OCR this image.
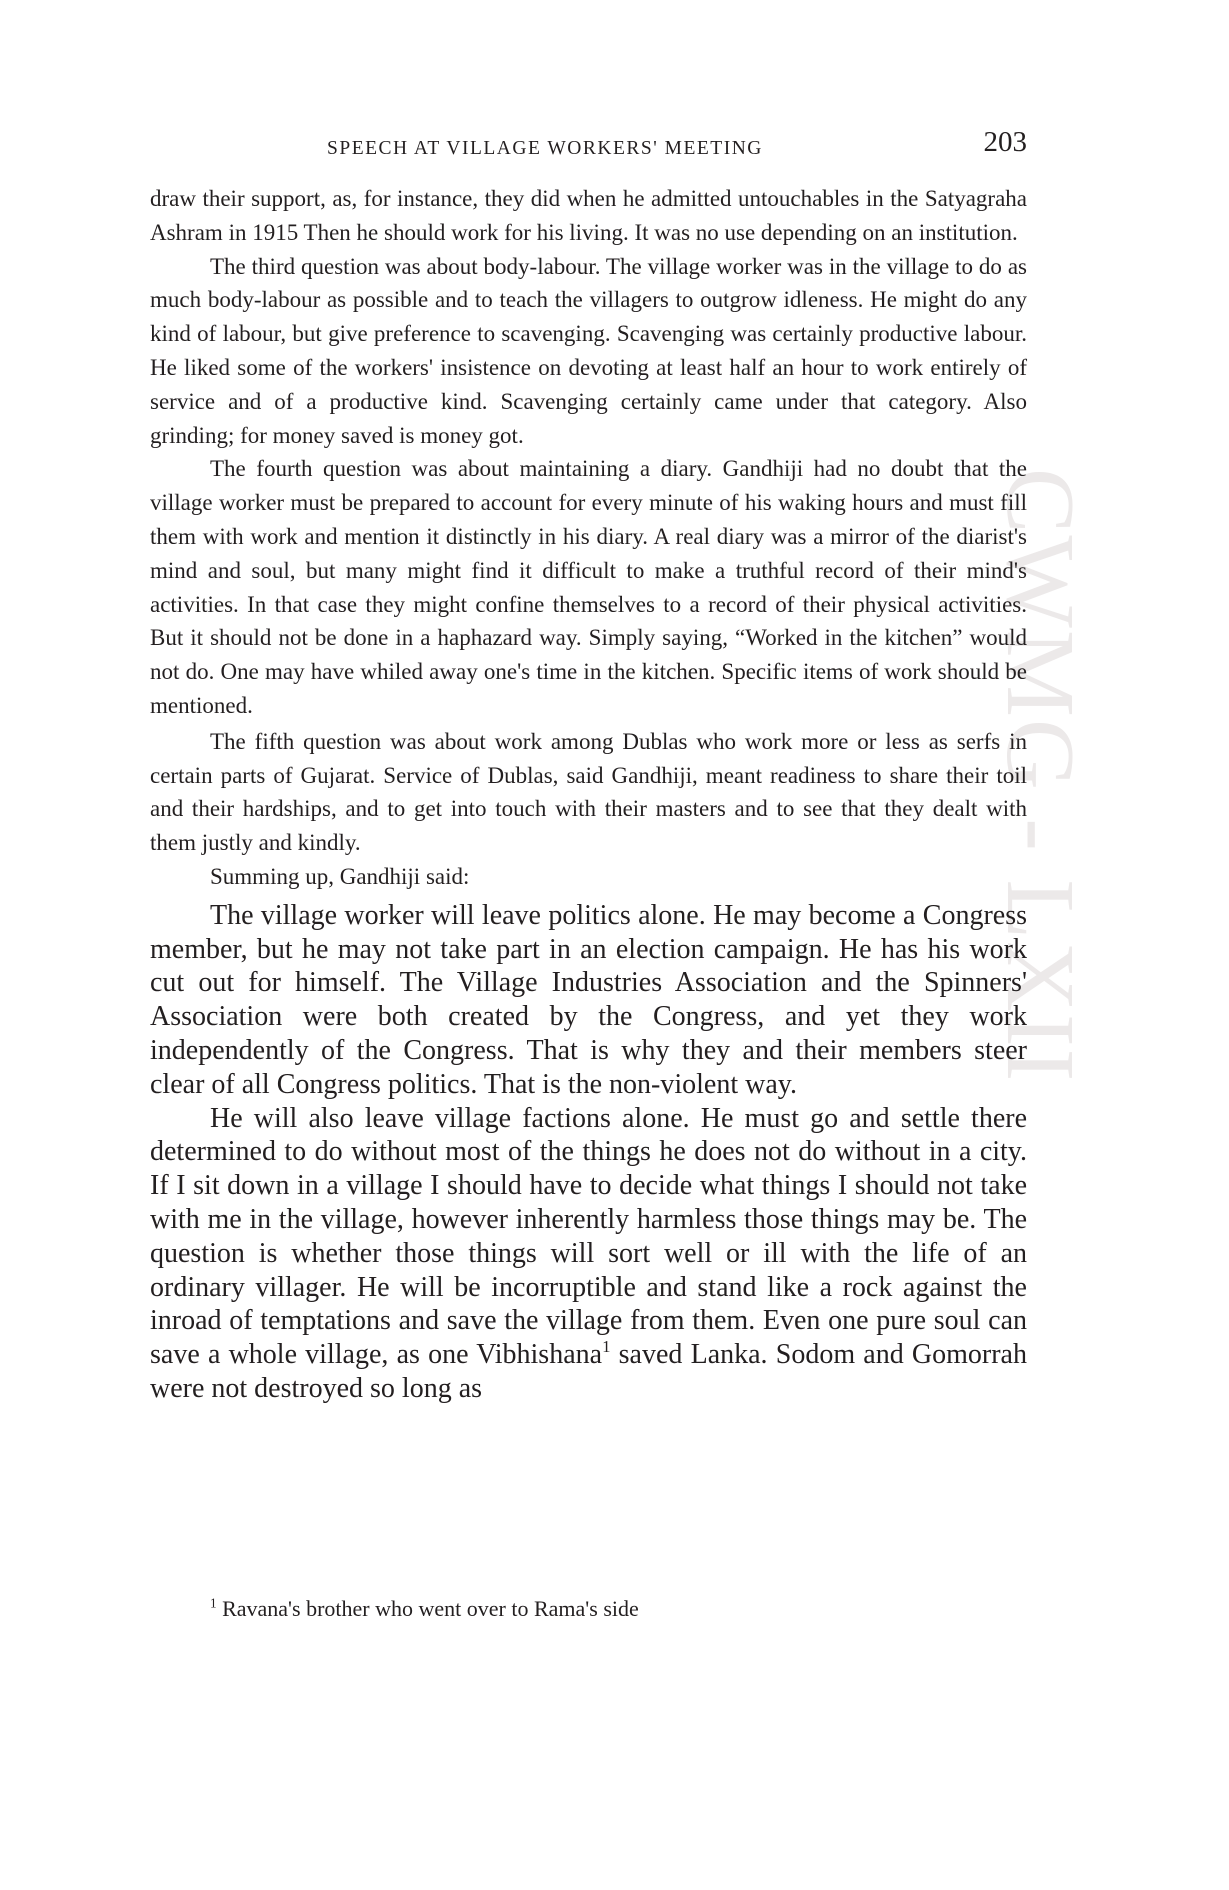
CWMG - LXII
SPEECH AT VILLAGE WORKERS' MEETING	203

draw their support, as, for instance, they did when he admitted untouchables in the Satyagraha Ashram in 1915 Then he should work for his living. It was no use depending on an institution.

The third question was about body-labour. The village worker was in the village to do as much body-labour as possible and to teach the villagers to outgrow idleness. He might do any kind of labour, but give preference to scavenging. Scavenging was certainly productive labour. He liked some of the workers' insistence on devoting at least half an hour to work entirely of service and of a productive kind. Scavenging certainly came under that category. Also grinding; for money saved is money got.

The fourth question was about maintaining a diary. Gandhiji had no doubt that the village worker must be prepared to account for every minute of his waking hours and must fill them with work and mention it distinctly in his diary. A real diary was a mirror of the diarist's mind and soul, but many might find it difficult to make a truthful record of their mind's activities. In that case they might confine themselves to a record of their physical activities. But it should not be done in a haphazard way. Simply saying, “Worked in the kitchen” would not do. One may have whiled away one's time in the kitchen. Specific items of work should be mentioned.

The fifth question was about work among Dublas who work more or less as serfs in certain parts of Gujarat. Service of Dublas, said Gandhiji, meant readiness to share their toil and their hardships, and to get into touch with their masters and to see that they dealt with them justly and kindly.

Summing up, Gandhiji said:

The village worker will leave politics alone. He may become a Congress member, but he may not take part in an election campaign. He has his work cut out for himself. The Village Industries Association and the Spinners' Association were both created by the Congress, and yet they work independently of the Congress. That is why they and their members steer clear of all Congress politics. That is the non-violent way.

He will also leave village factions alone. He must go and settle there determined to do without most of the things he does not do without in a city. If I sit down in a village I should have to decide what things I should not take with me in the village, however inherently harmless those things may be. The question is whether those things will sort well or ill with the life of an ordinary villager. He will be incorruptible and stand like a rock against the inroad of temptations and save the village from them. Even one pure soul can save a whole village, as one Vibhishana$^1$ saved Lanka. Sodom and Gomorrah were not destroyed so long as

$^1$ Ravana's brother who went over to Rama's side
